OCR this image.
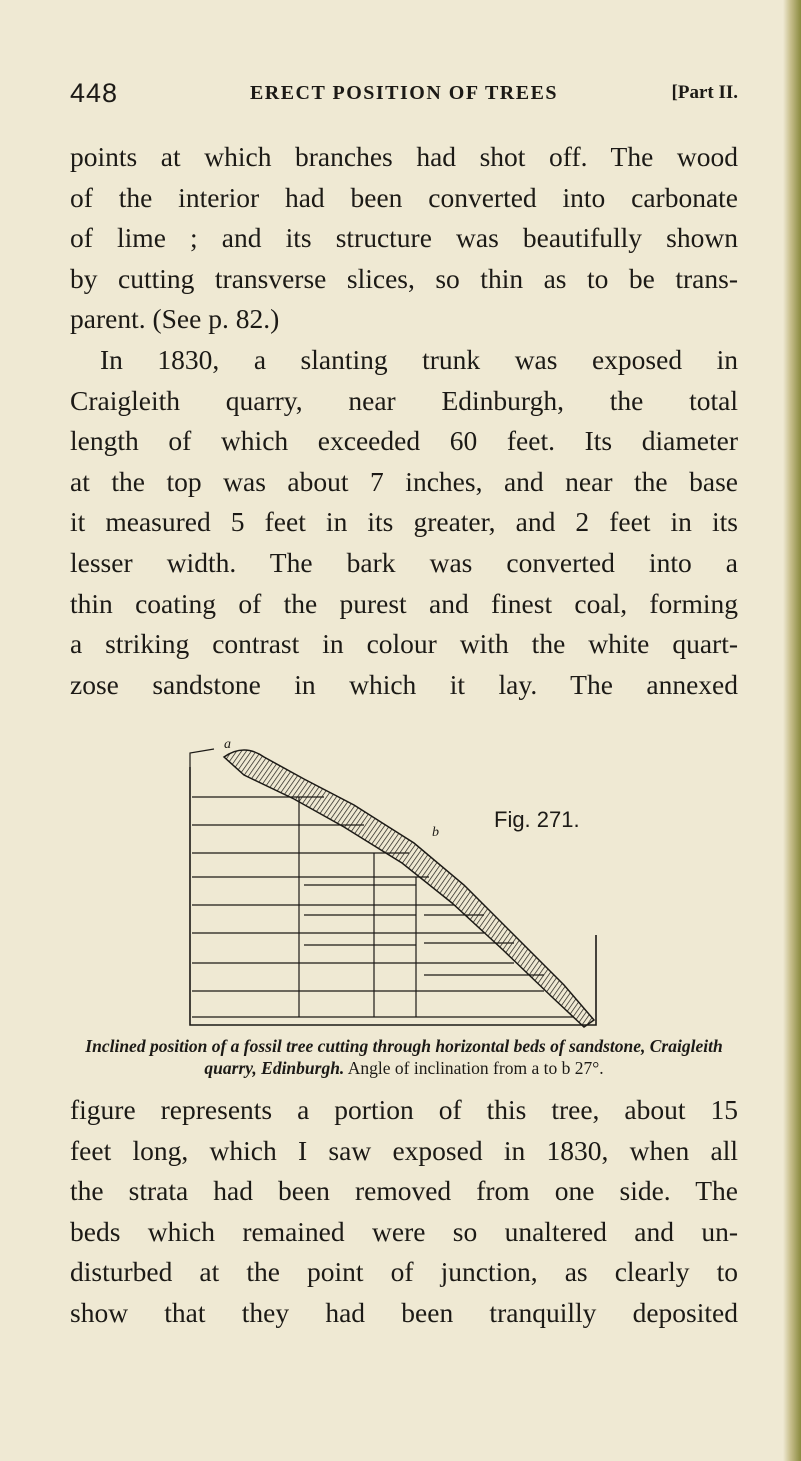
448	ERECT POSITION OF TREES	[Part II.
points at which branches had shot off. The wood
of the interior had been converted into carbonate
of lime ; and its structure was beautifully shown
by cutting transverse slices, so thin as to be trans-
parent. (See p. 82.)
In 1830, a slanting trunk was exposed in
Craigleith quarry, near Edinburgh, the total
length of which exceeded 60 feet. Its diameter
at the top was about 7 inches, and near the base
it measured 5 feet in its greater, and 2 feet in its
lesser width. The bark was converted into a
thin coating of the purest and finest coal, forming
a striking contrast in colour with the white quart-
zose sandstone in which it lay. The annexed
a
b
Fig. 271.
Inclined position of a fossil tree cutting through horizontal beds of sandstone, Craigleith quarry, Edinburgh. Angle of inclination from a to b 27°.
figure represents a portion of this tree, about 15
feet long, which I saw exposed in 1830, when all
the strata had been removed from one side. The
beds which remained were so unaltered and un-
disturbed at the point of junction, as clearly to
show that they had been tranquilly deposited
